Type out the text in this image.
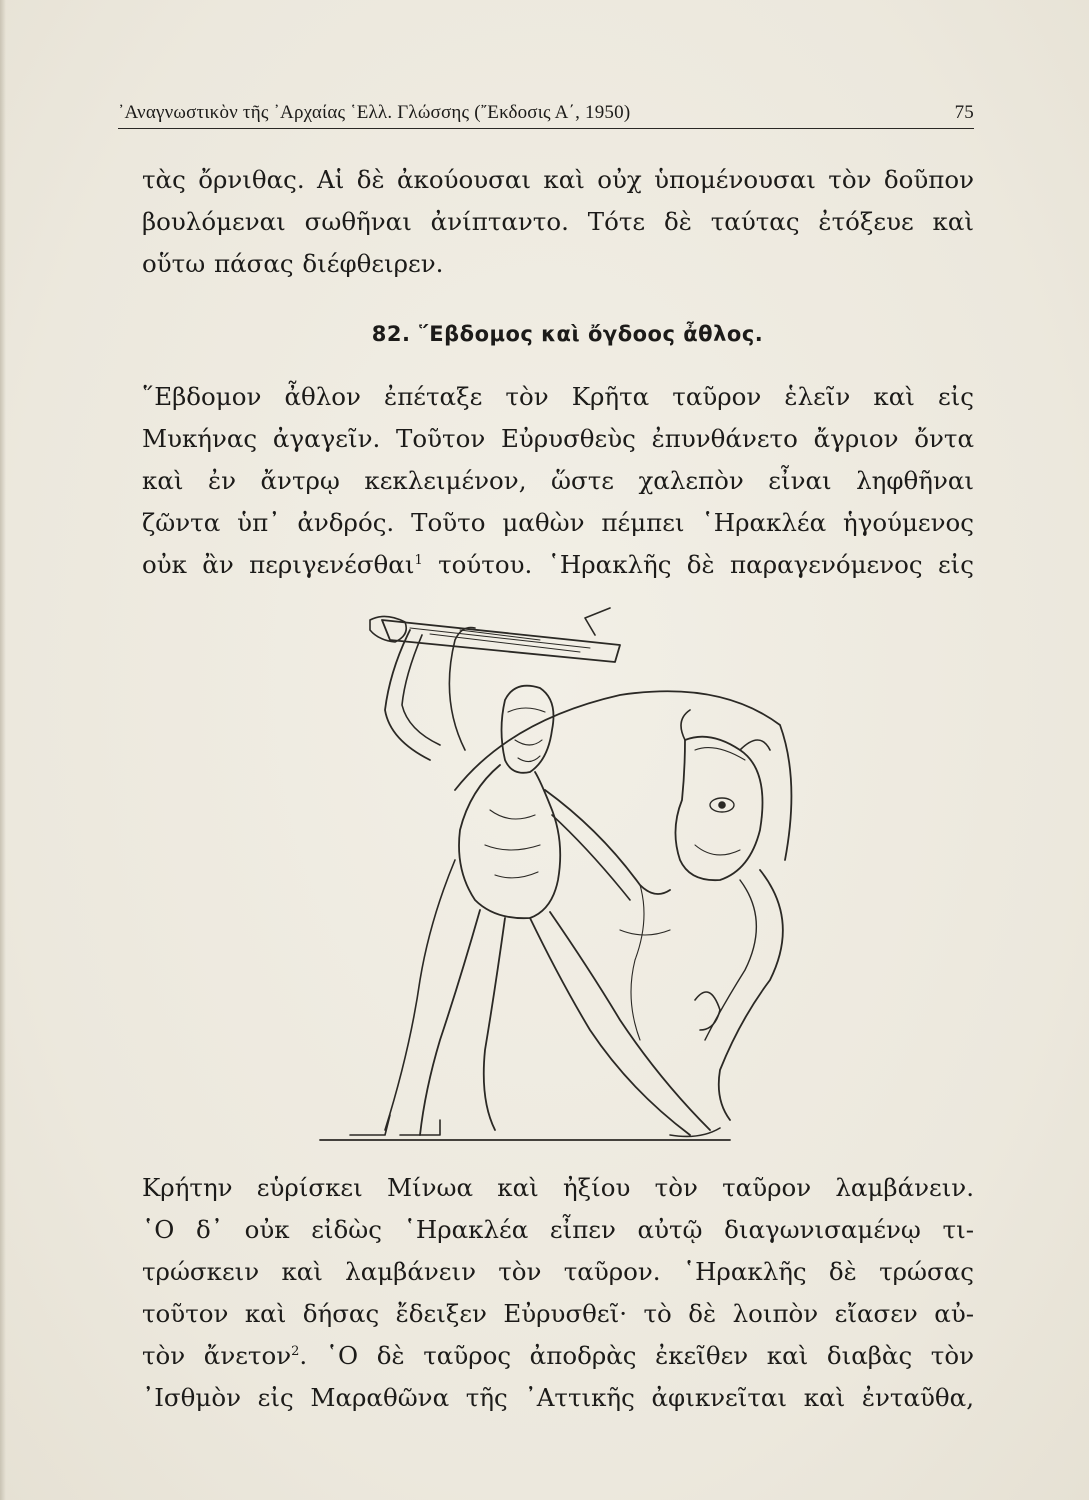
᾿Αναγνωστικὸν τῆς ᾿Αρχαίας ῾Ελλ. Γλώσσης (῎Εκδοσις Α΄, 1950)	75
τὰς ὄρνιθας. Αἱ δὲ ἀκούουσαι καὶ οὐχ ὑπομένουσαι τὸν δοῦπον
βουλόμεναι σωθῆναι ἀνίπταντο. Τότε δὲ ταύτας ἐτόξευε καὶ
οὕτω πάσας διέφθειρεν.
82. ῞Εβδομος καὶ ὄγδοος ἆθλος.
῞Εβδομον ἆθλον ἐπέταξε τὸν Κρῆτα ταῦρον ἑλεῖν καὶ εἰς
Μυκήνας ἀγαγεῖν. Τοῦτον Εὐρυσθεὺς ἐπυνθάνετο ἄγριον ὄντα
καὶ ἐν ἄντρῳ κεκλειμένον, ὥστε χαλεπὸν εἶναι ληφθῆναι
ζῶντα ὑπ᾿ ἀνδρός. Τοῦτο μαθὼν πέμπει ῾Ηρακλέα ἡγούμενος
οὐκ ἂν περιγενέσθαι$^1$ τούτου. ῾Ηρακλῆς δὲ παραγενόμενος εἰς
Κρήτην εὑρίσκει Μίνωα καὶ ἠξίου τὸν ταῦρον λαμβάνειν.
῾Ο δ᾿ οὐκ εἰδὼς ῾Ηρακλέα εἶπεν αὐτῷ διαγωνισαμένῳ τι-
τρώσκειν καὶ λαμβάνειν τὸν ταῦρον. ῾Ηρακλῆς δὲ τρώσας
τοῦτον καὶ δήσας ἔδειξεν Εὐρυσθεῖ· τὸ δὲ λοιπὸν εἴασεν αὐ-
τὸν ἄνετον$^2$. ῾Ο δὲ ταῦρος ἀποδρὰς ἐκεῖθεν καὶ διαβὰς τὸν
᾿Ισθμὸν εἰς Μαραθῶνα τῆς ᾿Αττικῆς ἀφικνεῖται καὶ ἐνταῦθα,
